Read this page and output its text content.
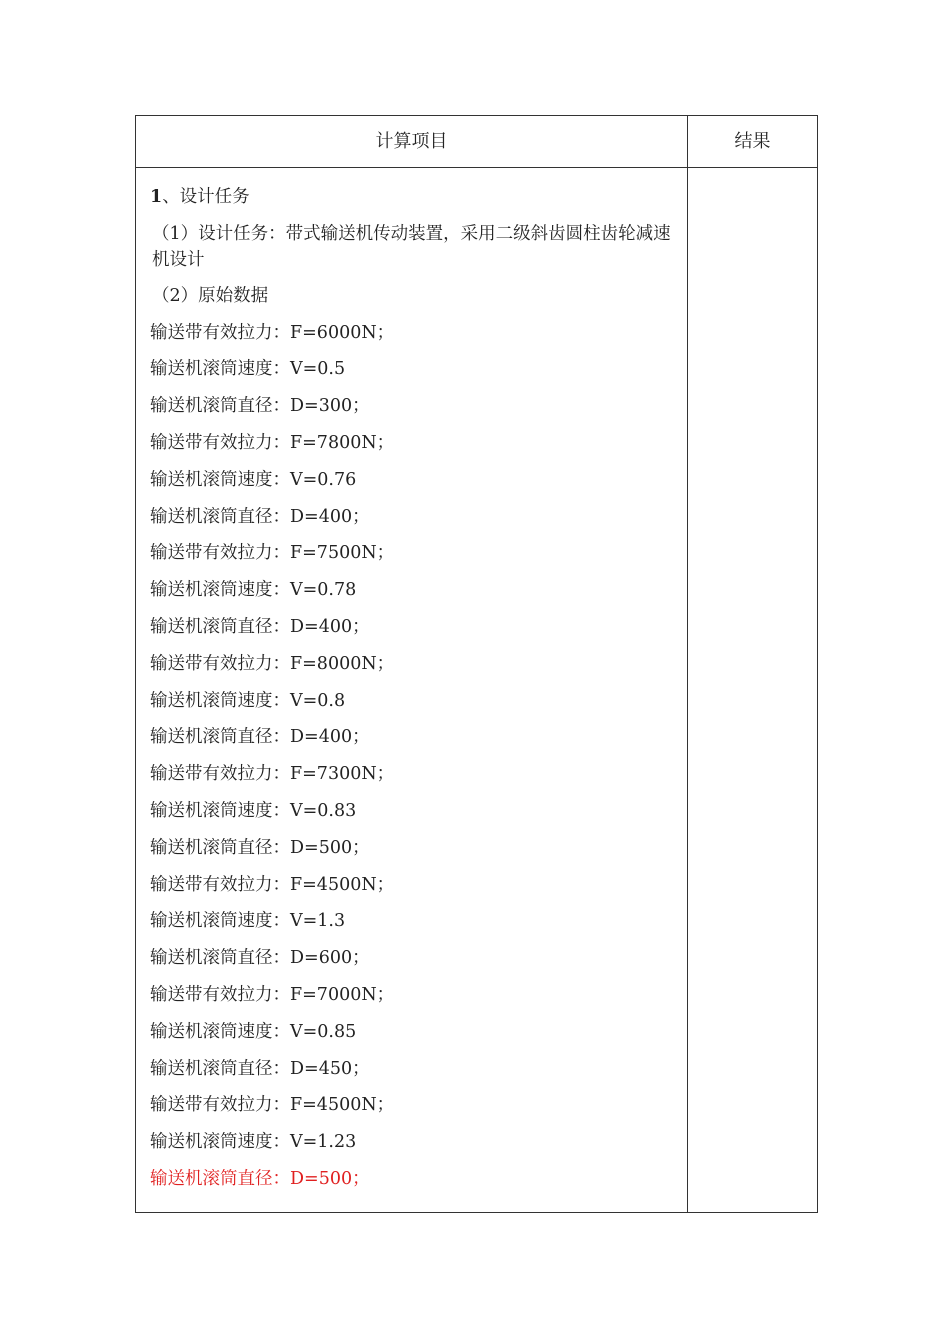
计算项目	结果
1、设计任务
（1）设计任务：带式输送机传动装置，采用二级斜齿圆柱齿轮减速机设计
（2）原始数据
输送带有效拉力：F=6000N；
输送机滚筒速度：V=0.5
输送机滚筒直径：D=300；
输送带有效拉力：F=7800N；
输送机滚筒速度：V=0.76
输送机滚筒直径：D=400；
输送带有效拉力：F=7500N；
输送机滚筒速度：V=0.78
输送机滚筒直径：D=400；
输送带有效拉力：F=8000N；
输送机滚筒速度：V=0.8
输送机滚筒直径：D=400；
输送带有效拉力：F=7300N；
输送机滚筒速度：V=0.83
输送机滚筒直径：D=500；
输送带有效拉力：F=4500N；
输送机滚筒速度：V=1.3
输送机滚筒直径：D=600；
输送带有效拉力：F=7000N；
输送机滚筒速度：V=0.85
输送机滚筒直径：D=450；
输送带有效拉力：F=4500N；
输送机滚筒速度：V=1.23
输送机滚筒直径：D=500；
